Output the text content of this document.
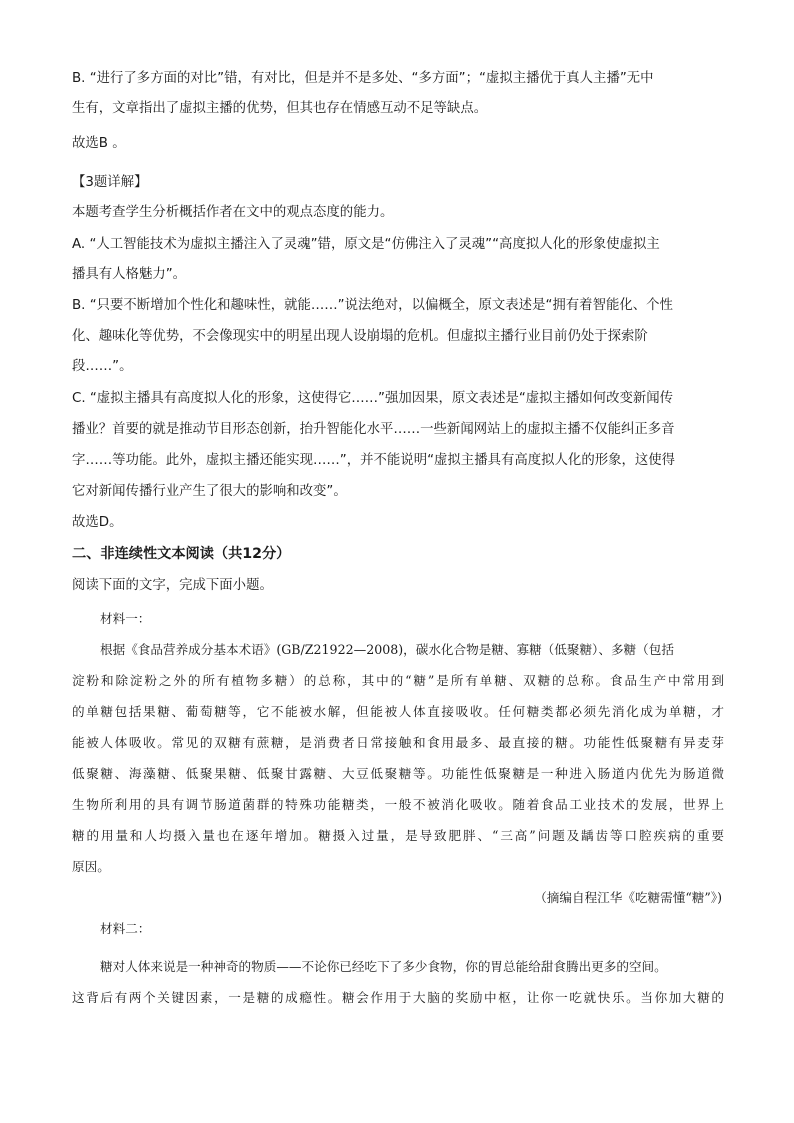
B. “进行了多方面的对比”错，有对比，但是并不是多处、“多方面”；“虚拟主播优于真人主播”无中

生有，文章指出了虚拟主播的优势，但其也存在情感互动不足等缺点。

故选B 。

【3题详解】

本题考查学生分析概括作者在文中的观点态度的能力。

A. “人工智能技术为虚拟主播注入了灵魂”错，原文是“仿佛注入了灵魂”“高度拟人化的形象使虚拟主

播具有人格魅力”。

B. “只要不断增加个性化和趣味性，就能……”说法绝对，以偏概全，原文表述是“拥有着智能化、个性

化、趣味化等优势，不会像现实中的明星出现人设崩塌的危机。但虚拟主播行业目前仍处于探索阶

段……”。

C. “虚拟主播具有高度拟人化的形象，这使得它……”强加因果，原文表述是“虚拟主播如何改变新闻传

播业？首要的就是推动节目形态创新，抬升智能化水平……一些新闻网站上的虚拟主播不仅能纠正多音

字……等功能。此外，虚拟主播还能实现……”，并不能说明“虚拟主播具有高度拟人化的形象，这使得

它对新闻传播行业产生了很大的影响和改变”。

故选D。

二、非连续性文本阅读（共12分）

阅读下面的文字，完成下面小题。

材料一：

根据《食品营养成分基本术语》(GB/Z21922—2008)，碳水化合物是糖、寡糖（低聚糖）、多糖（包括

淀粉和除淀粉之外的所有植物多糖）的总称，其中的“糖”是所有单糖、双糖的总称。食品生产中常用到

的单糖包括果糖、葡萄糖等，它不能被水解，但能被人体直接吸收。任何糖类都必须先消化成为单糖，才

能被人体吸收。常见的双糖有蔗糖，是消费者日常接触和食用最多、最直接的糖。功能性低聚糖有异麦芽

低聚糖、海藻糖、低聚果糖、低聚甘露糖、大豆低聚糖等。功能性低聚糖是一种进入肠道内优先为肠道微

生物所利用的具有调节肠道菌群的特殊功能糖类，一般不被消化吸收。随着食品工业技术的发展，世界上

糖的用量和人均摄入量也在逐年增加。糖摄入过量，是导致肥胖、“三高”问题及龋齿等口腔疾病的重要

原因。

（摘编自程江华《吃糖需懂“糖”》)

材料二：

糖对人体来说是一种神奇的物质——不论你已经吃下了多少食物，你的胃总能给甜食腾出更多的空间。

这背后有两个关键因素，一是糖的成瘾性。糖会作用于大脑的奖励中枢，让你一吃就快乐。当你加大糖的
